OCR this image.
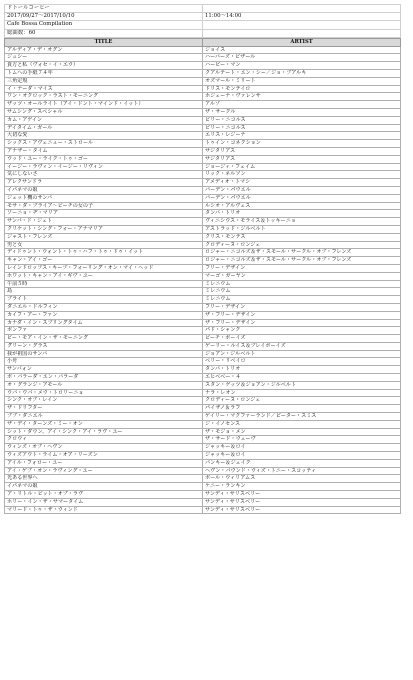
ドトールコーヒー	
2017/09/27〜2017/10/10	11:00〜14:00
Cafe Bossa Compilation	
総曲数：60	
TITLE	ARTIST
アルディア・デ・オグン	ジョイス
ジュシー	ハーバーズ・ビザール
貴方と私（ヴォセ・イ・エウ）	ハーピー・マン
トムへの手紙７４年	クアルテート・エン・シー／ジョ・ブアルキ
三角定規	オズマール・ミリート
イ・ナーダ・マイス	ドリス・モンテイロ
ワン・オクロック・ラスト・モーニング	ホジェーナ・ヴァレンサ
ザッツ・オールライト（アイ・ドント・マインド・イット）	アルゾ
サムシング・スペシャル	ザ・サークル
カム・アゲイン	ビリー・ニコルス
デイタイム・ガール	ビリー・ニコルス
大切な愛	エリス・レジーナ
シックス・アヴェニュー・ストロール	トゥイン・コネクション
アナザー・タイム	サジタリアス
ウッド・ユー・ライク・トゥ・ゴー	サジタリアス
イージー・ラヴィン・イージー・リヴィン	ジョージィ・フェイム
気にしないさ	リック・ネルソン
アレクサンドラ	アメディオ・トマシ
イパネマの娘	バーデン・パウエル
ジェット機のサンバ	バーデン・パウエル
モサ・ダ・プライア〜ビーチの女の子	ルシオ・アルヴェス
ソーニョ・ヂ・マリア	タンバ・トリオ
サンバ・ド・ジェト	ヴィニシウス・モライス＆トッキーニョ
クリケット・シング・フォー・アナマリア	アストラッド・ジルベルト
ジャスト・フレンズ	クリス・モンテス
男と女	クロディーヌ・ロンジェ
ディドゥント・ウォント・トゥ・ハフ・トゥ・ドゥ・イット	ロジャー・ニコルズ＆ザ・スモール・サークル・オブ・フレンズ
キャン・アイ・ゴー	ロジャー・ニコルズ＆ザ・スモール・サークル・オブ・フレンズ
レインドロップス・キープ・フォーリング・オン・マイ・ヘッド	フリー・デザイン
ホワット・キャン・アイ・ギヴ・ユー	マーゴ・ガーヤン
午前５時	ミレニウム
島	ミレニウム
ブライト	ミレニウム
ダニエル・ドルフィン	フリー・デザイン
カイフ・アー・ファン	ザ・フリー・デザイン
カナダ・イン・スプリングタイム	ザ・フリー・デザイン
ボンファ	パド・シャンク
ピー・モア・イン・ザ・モーニング	ビーチ・ボーイズ
グリーン・グラス	ゲーリー・ルイス＆プレイボーイズ
我が祖国のサンバ	ジョアン・ジルベルト
小舟	ペリー・リベイロ
サンバォン	タンバ・トリオ
ボ・バラーダ・エン・バラーダ	エヒベベー・４
オ・グランジ・アモール	スタン・ゲッツ＆ジョアン・ジルベルト
ウバ・ウバ・メウ・トロリーニョ	ナラ・レオン
シンク・オブ・レイン	クロディーヌ・ロンジェ
ザ・ドリフター	パイザノ＆ラフ
ブブ・ダニエル	ゲイリー・マクファーランド／ピーター・スミス
ザ・デイ・ターンズ・ミー・オン	ジ・イノセンス
シット・ダウン、アイ・シンク・アイ・ラヴ・ユー	ザ・モジョ・メン
クロウィ	ザ・サード・ウェーヴ
ウィンズ・オブ・ヘヴン	ジャッキー＆ロイ
ウィズアウト・ライム・オア・リーズン	ジャッキー＆ロイ
アイル・フォロー・ユー	バンキー＆ジェイク
アイ・ゲブ・オン・ラヴィング・ユー	ヘヴン・バウンド・ウィズ・トニー・スコッティ
光ある世界へ	ボール・ウィリアムス
イパネマの娘	ケニー・ランキン
ア・リトル・ビット・オブ・ラヴ	サンディ・サリスベリー
ホリー・イン・ザ・サマータイム	サンディ・サリスベリー
マリード・トゥ・ザ・ウィンド	サンディ・サリスベリー
